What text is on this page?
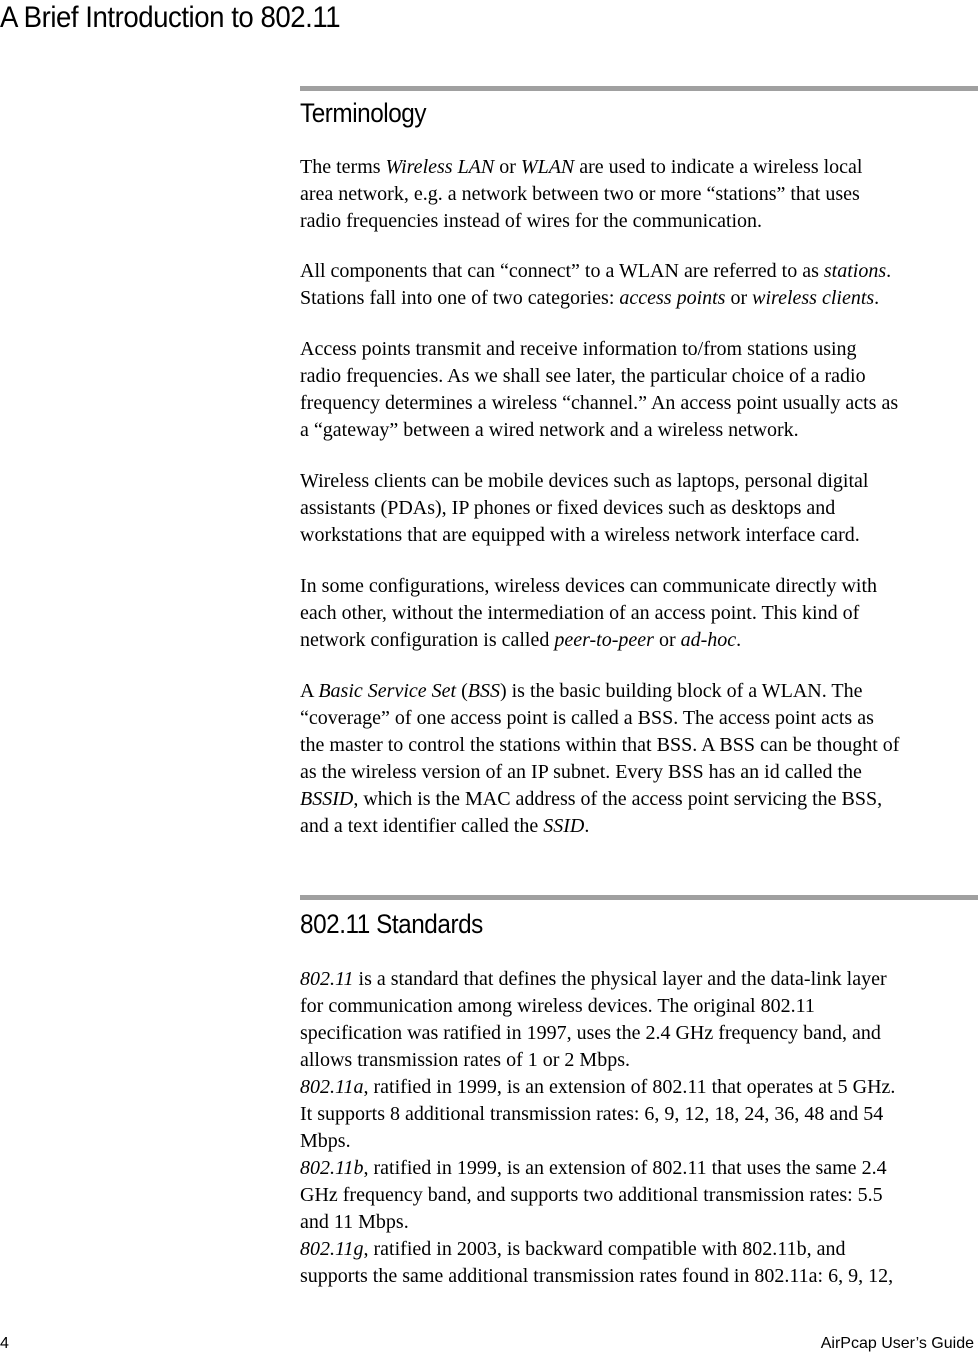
A Brief Introduction to 802.11
Terminology

The terms Wireless LAN or WLAN are used to indicate a wireless local
area network, e.g. a network between two or more “stations” that uses
radio frequencies instead of wires for the communication.

All components that can “connect” to a WLAN are referred to as stations.
Stations fall into one of two categories: access points or wireless clients.

Access points transmit and receive information to/from stations using
radio frequencies. As we shall see later, the particular choice of a radio
frequency determines a wireless “channel.” An access point usually acts as
a “gateway” between a wired network and a wireless network.

Wireless clients can be mobile devices such as laptops, personal digital
assistants (PDAs), IP phones or fixed devices such as desktops and
workstations that are equipped with a wireless network interface card.

In some configurations, wireless devices can communicate directly with
each other, without the intermediation of an access point. This kind of
network configuration is called peer-to-peer or ad-hoc.

A Basic Service Set (BSS) is the basic building block of a WLAN. The
“coverage” of one access point is called a BSS. The access point acts as
the master to control the stations within that BSS. A BSS can be thought of
as the wireless version of an IP subnet. Every BSS has an id called the
BSSID, which is the MAC address of the access point servicing the BSS,
and a text identifier called the SSID.

802.11 Standards

802.11 is a standard that defines the physical layer and the data-link layer
for communication among wireless devices. The original 802.11
specification was ratified in 1997, uses the 2.4 GHz frequency band, and
allows transmission rates of 1 or 2 Mbps.
802.11a, ratified in 1999, is an extension of 802.11 that operates at 5 GHz.
It supports 8 additional transmission rates: 6, 9, 12, 18, 24, 36, 48 and 54
Mbps.
802.11b, ratified in 1999, is an extension of 802.11 that uses the same 2.4
GHz frequency band, and supports two additional transmission rates: 5.5
and 11 Mbps.
802.11g, ratified in 2003, is backward compatible with 802.11b, and
supports the same additional transmission rates found in 802.11a: 6, 9, 12,

4	AirPcap User’s Guide
